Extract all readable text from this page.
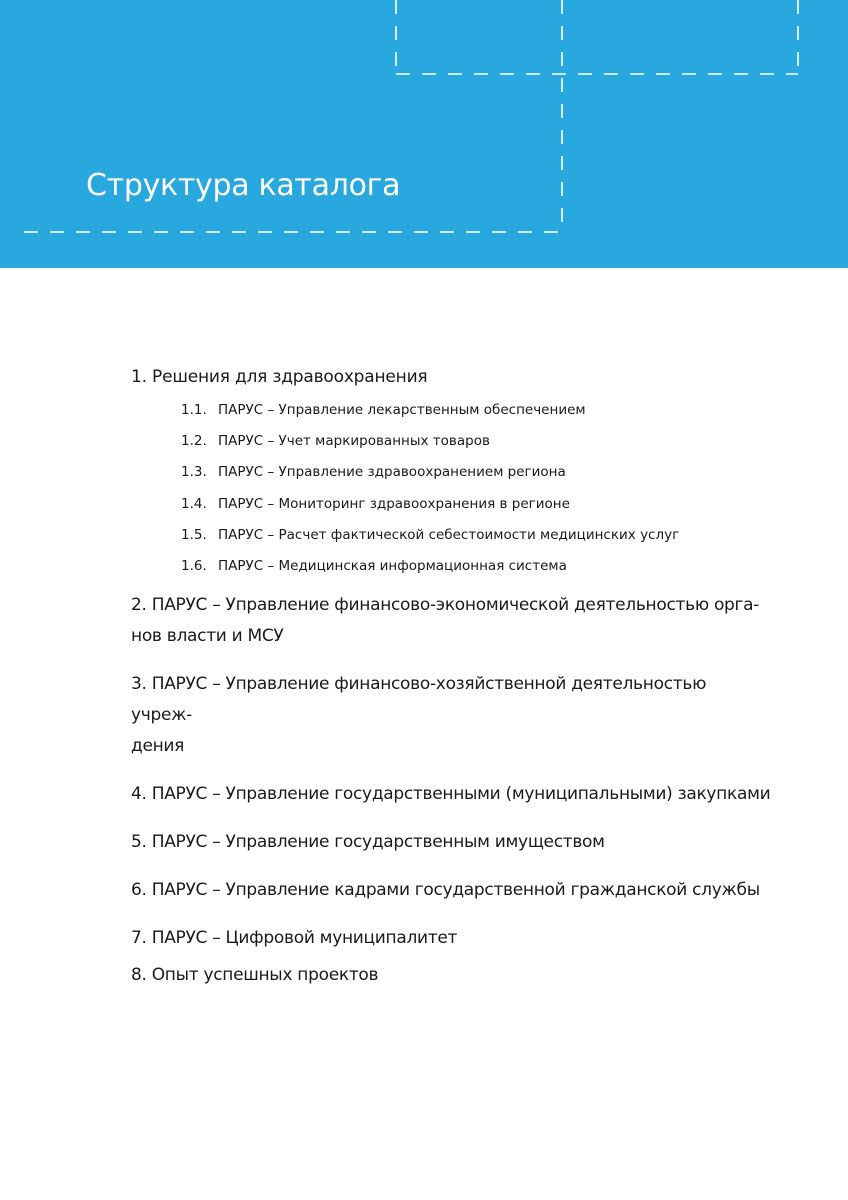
Структура каталога
1. Решения для здравоохранения
1.1. ПАРУС – Управление лекарственным обеспечением
1.2. ПАРУС – Учет маркированных товаров
1.3. ПАРУС – Управление здравоохранением региона
1.4. ПАРУС – Мониторинг здравоохранения в регионе
1.5. ПАРУС – Расчет фактической себестоимости медицинских услуг
1.6. ПАРУС – Медицинская информационная система
2. ПАРУС – Управление финансово-экономической деятельностью орга-
нов власти и МСУ
3. ПАРУС – Управление финансово-хозяйственной деятельностью учреж-
дения
4. ПАРУС – Управление государственными (муниципальными) закупками
5. ПАРУС – Управление государственным имуществом
6. ПАРУС – Управление кадрами государственной гражданской службы
7. ПАРУС – Цифровой муниципалитет
8. Опыт успешных проектов
